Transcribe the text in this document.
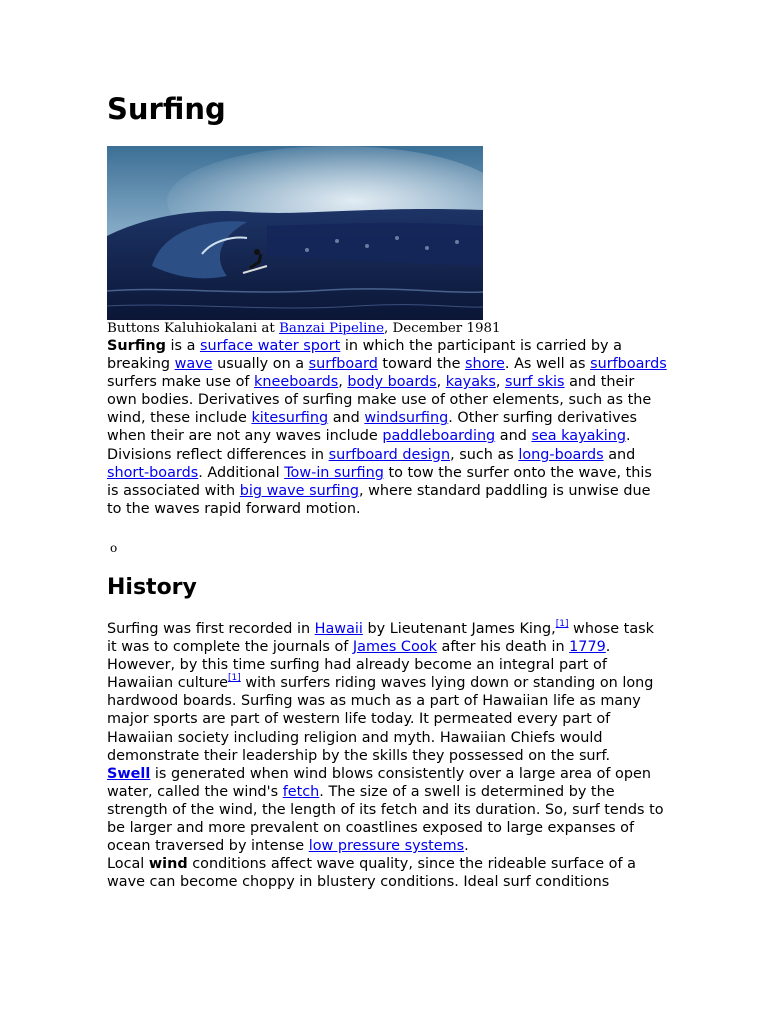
Surfing
Buttons Kaluhiokalani at Banzai Pipeline, December 1981
Surfing is a surface water sport in which the participant is carried by a breaking wave usually on a surfboard toward the shore. As well as surfboards surfers make use of kneeboards, body boards, kayaks, surf skis and their own bodies. Derivatives of surfing make use of other elements, such as the wind, these include kitesurfing and windsurfing. Other surfing derivatives when their are not any waves include paddleboarding and sea kayaking.
Divisions reflect differences in surfboard design, such as long-boards and short-boards. Additional Tow-in surfing to tow the surfer onto the wave, this is associated with big wave surfing, where standard paddling is unwise due to the waves rapid forward motion.
o
History
Surfing was first recorded in Hawaii by Lieutenant James King,[1] whose task it was to complete the journals of James Cook after his death in 1779. However, by this time surfing had already become an integral part of Hawaiian culture[1] with surfers riding waves lying down or standing on long hardwood boards. Surfing was as much as a part of Hawaiian life as many major sports are part of western life today. It permeated every part of Hawaiian society including religion and myth. Hawaiian Chiefs would demonstrate their leadership by the skills they possessed on the surf.
Swell is generated when wind blows consistently over a large area of open water, called the wind's fetch. The size of a swell is determined by the strength of the wind, the length of its fetch and its duration. So, surf tends to be larger and more prevalent on coastlines exposed to large expanses of ocean traversed by intense low pressure systems.
Local wind conditions affect wave quality, since the rideable surface of a wave can become choppy in blustery conditions. Ideal surf conditions
